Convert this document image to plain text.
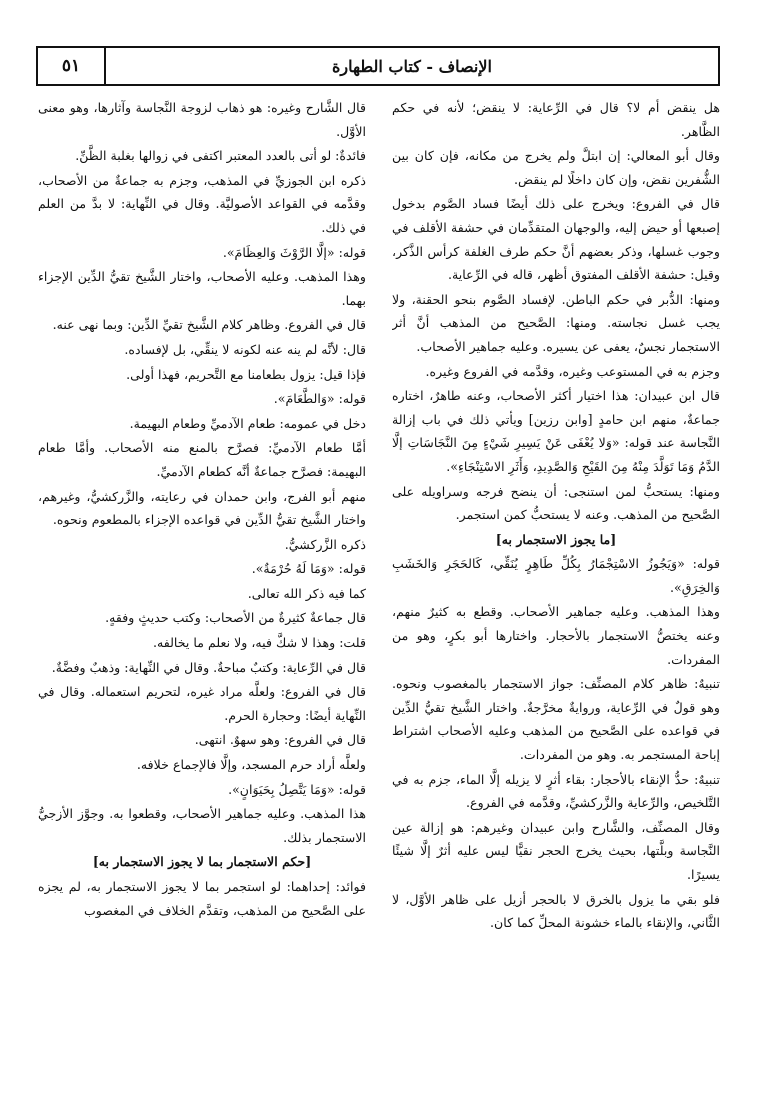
٥١	الإنصاف - كتاب الطهارة

هل ينقض أم لا؟ قال في الرِّعاية: لا ينقض؛ لأنه في حكم الظَّاهر.

وقال أبو المعالي: إن ابتلَّ ولم يخرج من مكانه، فإن كان بين الشُّفرين نقض، وإن كان داخلًا لم ينقض.

قال في الفروع: ويخرج على ذلك أيضًا فساد الصَّوم بدخول إصبعها أو حيض إليه، والوجهان المتقدِّمان في حشفة الأقلف في وجوب غسلها، وذكر بعضهم أنَّ حكم طرف الغلفة كرأس الذَّكر، وقيل: حشفة الأقلف المفتوق أظهر، قاله في الرِّعاية.

ومنها: الدُّبر في حكم الباطن. لإفساد الصَّوم بنحو الحقنة، ولا يجب غسل نجاسته. ومنها: الصَّحيح من المذهب أنَّ أثر الاستجمار نجسٌ، يعفى عن يسيره. وعليه جماهير الأصحاب.

وجزم به في المستوعب وغيره، وقدَّمه في الفروع وغيره.

قال ابن عبيدان: هذا اختيار أكثر الأصحاب، وعنه طاهرٌ، اختاره جماعةٌ، منهم ابن حامدٍ [وابن رزين] ويأتي ذلك في باب إزالة النَّجاسة عند قوله: «وَلا يُعْفَى عَنْ يَسِيرِ شَيْءٍ مِنَ النَّجَاسَاتِ إلَّا الدَّمُ وَمَا تَوَلَّدَ مِنْهُ مِنَ القَيْحِ وَالصَّدِيدِ، وَأَثَرِ الاسْتِنْجَاءِ».

ومنها: يستحبُّ لمن استنجى: أن ينضح فرجه وسراويله على الصَّحيح من المذهب. وعنه لا يستحبُّ كمن استجمر.

[ما يجوز الاستجمار به]

قوله: «وَيَجُوزُ الاسْتِجْمَارُ بِكُلِّ طَاهِرٍ يُنَقِّي، كَالحَجَرِ وَالخَشَبِ وَالخِرَقِ».

وهذا المذهب. وعليه جماهير الأصحاب. وقطع به كثيرٌ منهم، وعنه يختصُّ الاستجمار بالأحجار. واختارها أبو بكرٍ، وهو من المفردات.

تنبيهٌ: ظاهر كلام المصنِّف: جواز الاستجمار بالمغصوب ونحوه. وهو قولٌ في الرِّعاية، وروايةٌ مخرَّجةٌ. واختار الشَّيخ تقيُّ الدِّين في قواعده على الصَّحيح من المذهب وعليه الأصحاب اشتراط إباحة المستجمر به. وهو من المفردات.

تنبيهٌ: حدُّ الإنقاء بالأحجار: بقاء أثرٍ لا يزيله إلَّا الماء، جزم به في التَّلخيص، والرِّعاية والزَّركشيِّ، وقدَّمه في الفروع.

وقال المصنِّف، والشَّارح وابن عبيدان وغيرهم: هو إزالة عين النَّجاسة وبلَّتها، بحيث يخرج الحجر نقيًّا ليس عليه أثرٌ إلَّا شيئًا يسيرًا.

فلو بقي ما يزول بالخرق لا بالحجر أزيل على ظاهر الأوَّل، لا الثَّاني، والإنقاء بالماء خشونة المحلِّ كما كان.

قال الشَّارح وغيره: هو ذهاب لزوجة النَّجاسة وآثارها، وهو معنى الأوَّل.

فائدةٌ: لو أتى بالعدد المعتبر اكتفى في زوالها بغلبة الظَّنِّ.

ذكره ابن الجوزيِّ في المذهب، وجزم به جماعةٌ من الأصحاب، وقدَّمه في القواعد الأصوليَّة. وقال في النِّهاية: لا بدَّ من العلم في ذلك.

قوله: «إلَّا الرَّوْثَ وَالعِظَامَ».

وهذا المذهب. وعليه الأصحاب، واختار الشَّيخ تقيُّ الدِّين الإجزاء بهما.

قال في الفروع. وظاهر كلام الشَّيخ تقيِّ الدِّين: وبما نهى عنه.

قال: لأنَّه لم ينه عنه لكونه لا ينقِّي، بل لإفساده.

فإذا قيل: يزول بطعامنا مع التَّحريم، فهذا أولى.

قوله: «وَالطَّعَامَ».

دخل في عمومه: طعام الآدميِّ وطعام البهيمة.

أمَّا طعام الآدميِّ: فصرَّح بالمنع منه الأصحاب. وأمَّا طعام البهيمة: فصرَّح جماعةٌ أنَّه كطعام الآدميِّ.

منهم أبو الفرج، وابن حمدان في رعايته، والزَّركشيُّ، وغيرهم، واختار الشَّيخ تقيُّ الدِّين في قواعده الإجزاء بالمطعوم ونحوه.

ذكره الزَّركشيُّ.

قوله: «وَمَا لَهُ حُرْمَةٌ».

كما فيه ذكر الله تعالى.

قال جماعةٌ كثيرةٌ من الأصحاب: وكتب حديثٍ وفقهٍ.

قلت: وهذا لا شكَّ فيه، ولا نعلم ما يخالفه.

قال في الرِّعاية: وكتبٌ مباحةٌ. وقال في النِّهاية: وذهبٌ وفضَّةٌ.

قال في الفروع: ولعلَّه مراد غيره، لتحريم استعماله. وقال في النِّهاية أيضًا: وحجارة الحرم.

قال في الفروع: وهو سهوٌ. انتهى.

ولعلَّه أراد حرم المسجد، وإلَّا فالإجماع خلافه.

قوله: «وَمَا يَتَّصِلُ بِحَيَوَانٍ».

هذا المذهب. وعليه جماهير الأصحاب، وقطعوا به. وجوَّز الأزجيُّ الاستجمار بذلك.

[حكم الاستجمار بما لا يجوز الاستجمار به]

فوائد: إحداهما: لو استجمر بما لا يجوز الاستجمار به، لم يجزه على الصَّحيح من المذهب، وتقدَّم الخلاف في المغصوب
